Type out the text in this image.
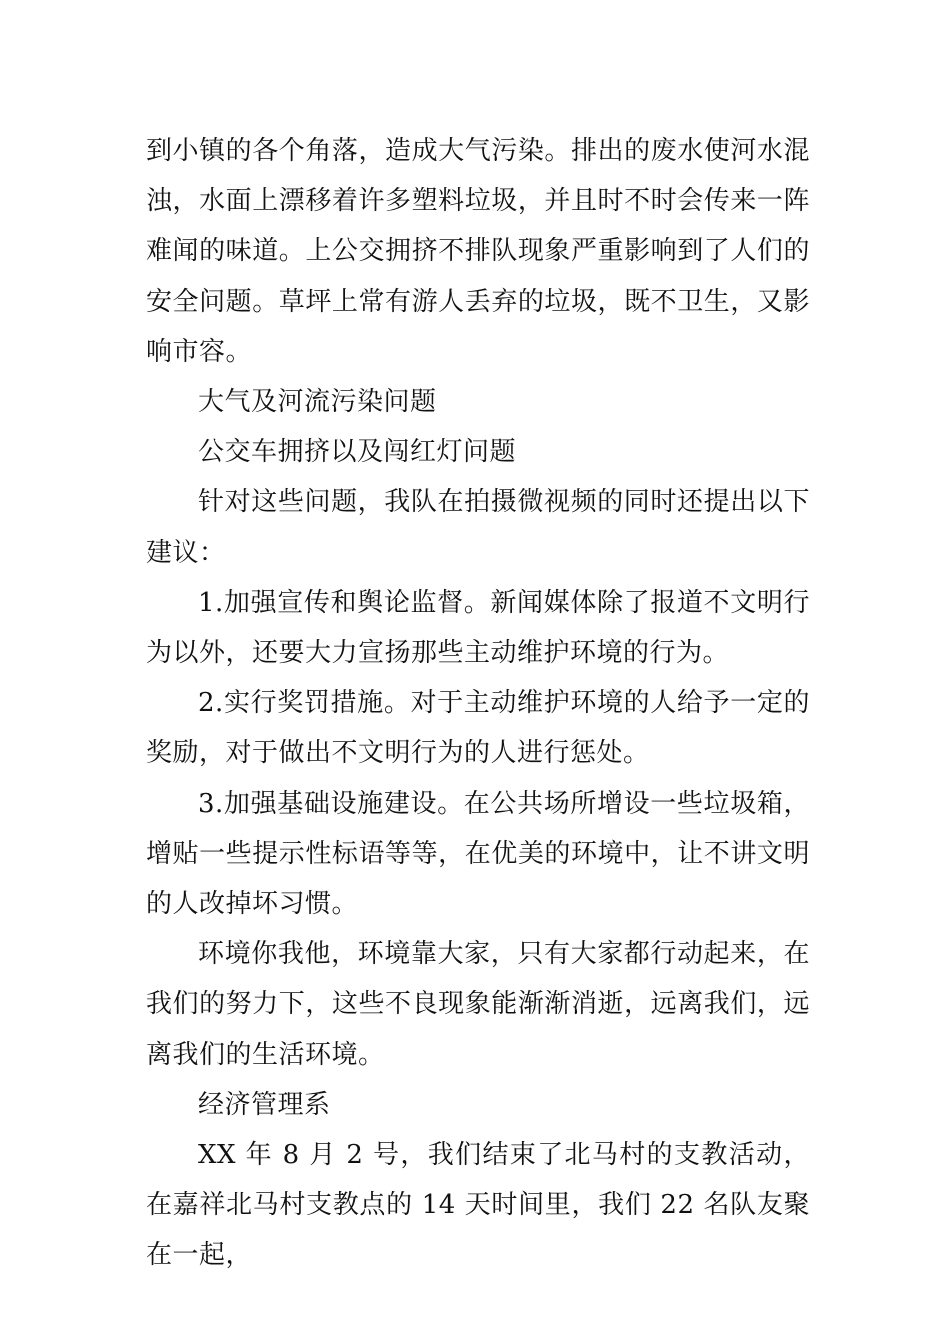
到小镇的各个角落，造成大气污染。排出的废水使河水混浊，水面上漂移着许多塑料垃圾，并且时不时会传来一阵难闻的味道。上公交拥挤不排队现象严重影响到了人们的安全问题。草坪上常有游人丢弃的垃圾，既不卫生，又影响市容。

大气及河流污染问题

公交车拥挤以及闯红灯问题

针对这些问题，我队在拍摄微视频的同时还提出以下建议：

1.加强宣传和舆论监督。新闻媒体除了报道不文明行为以外，还要大力宣扬那些主动维护环境的行为。

2.实行奖罚措施。对于主动维护环境的人给予一定的奖励，对于做出不文明行为的人进行惩处。

3.加强基础设施建设。在公共场所增设一些垃圾箱，增贴一些提示性标语等等，在优美的环境中，让不讲文明的人改掉坏习惯。

环境你我他，环境靠大家，只有大家都行动起来，在我们的努力下，这些不良现象能渐渐消逝，远离我们，远离我们的生活环境。

经济管理系

XX 年 8 月 2 号，我们结束了北马村的支教活动，在嘉祥北马村支教点的 14 天时间里，我们 22 名队友聚在一起，
